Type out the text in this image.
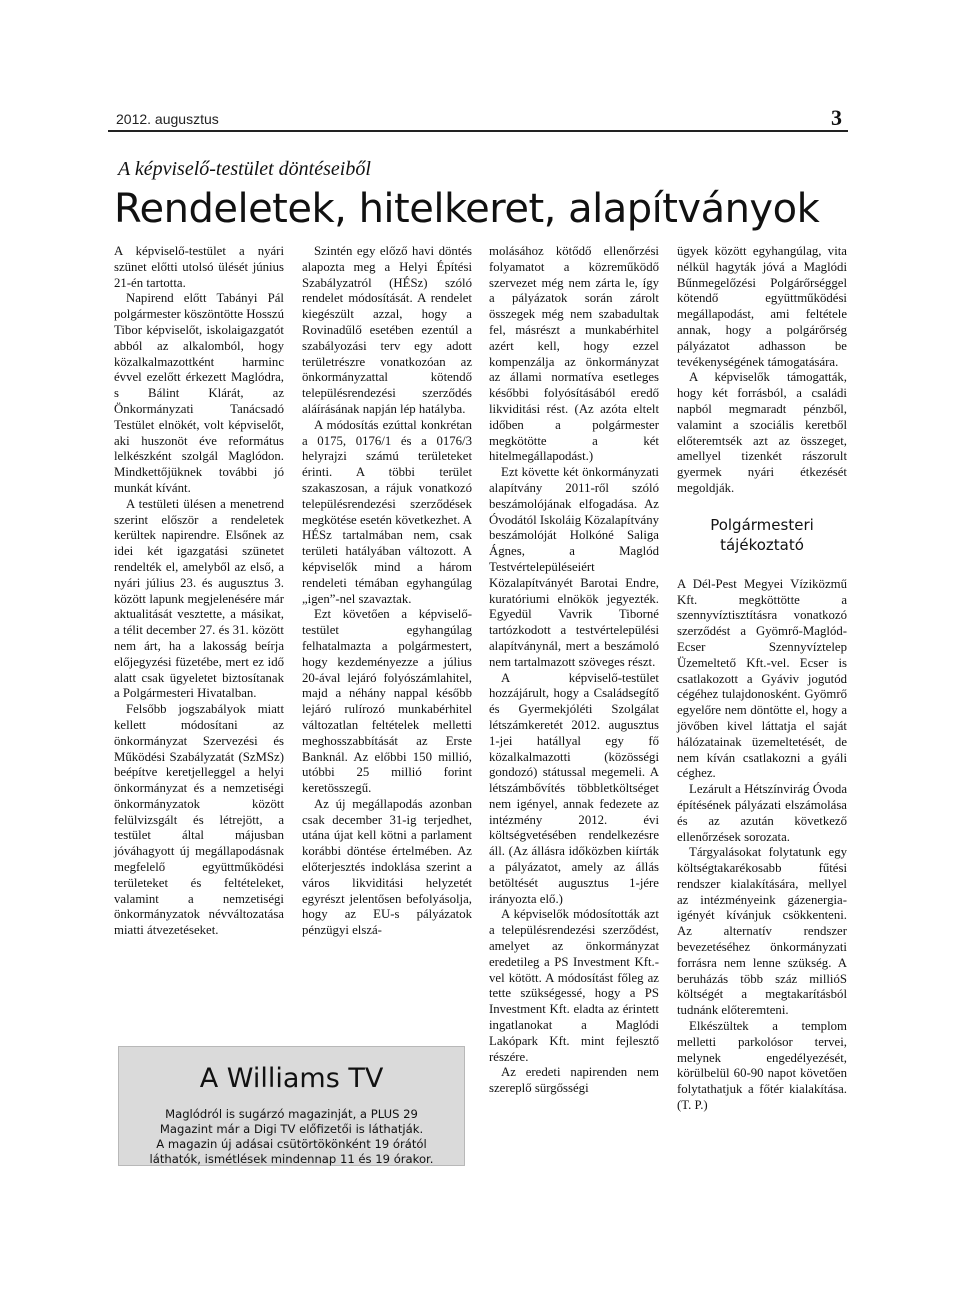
2012. augusztus	3
A képviselő-testület döntéseiből
Rendeletek, hitelkeret, alapítványok

A képviselő-testület a nyári szünet előtti utolsó ülését június 21-én tartotta.

Napirend előtt Tabányi Pál polgármester köszöntötte Hosszú Tibor képviselőt, iskolaigazgatót abból az alkalomból, hogy közalkalmazottként harminc évvel ezelőtt érkezett Maglódra, s Bálint Klárát, az Önkormányzati Tanácsadó Testület elnökét, volt képviselőt, aki huszonöt éve református lelkészként szolgál Maglódon. Mindkettőjüknek további jó munkát kívánt.

A testületi ülésen a menetrend szerint először a rendeletek kerültek napirendre. Elsőnek az idei két igazgatási szünetet rendelték el, amelyből az első, a nyári július 23. és augusztus 3. között lapunk megjelenésére már aktualitását vesztette, a másikat, a télit december 27. és 31. között nem árt, ha a lakosság beírja előjegyzési füzetébe, mert ez idő alatt csak ügyeletet biztosítanak a Polgármesteri Hivatalban.

Felsőbb jogszabályok miatt kellett módosítani az önkormányzat Szervezési és Működési Szabályzatát (SzMSz) beépítve keretjelleggel a helyi önkormányzat és a nemzetiségi önkormányzatok között felülvizsgált és létrejött, a testület által májusban jóváhagyott új megállapodásnak megfelelő együttműködési területeket és feltételeket, valamint a nemzetiségi önkormányzatok névváltozatása miatti átvezetéseket.

Szintén egy előző havi döntés alapozta meg a Helyi Építési Szabályzatról (HÉSz) szóló rendelet módosítását. A rendelet kiegészült azzal, hogy a Rovinadűlő esetében ezentúl a szabályozási terv egy adott területrészre vonatkozóan az önkormányzattal kötendő településrendezési szerződés aláírásának napján lép hatályba.

A módosítás ezúttal konkrétan a 0175, 0176/1 és a 0176/3 helyrajzi számú területeket érinti. A többi terület szakaszosan, a rájuk vonatkozó településrendezési szerződések megkötése esetén következhet. A HÉSz tartalmában nem, csak területi hatályában változott. A képviselők mind a három rendeleti témában egyhangúlag „igen”-nel szavaztak.

Ezt követően a képviselő-testület egyhangúlag felhatalmazta a polgármestert, hogy kezdeményezze a július 20-ával lejáró folyószámlahitel, majd a néhány nappal később lejáró rulírozó munkabérhitel változatlan feltételek melletti meghosszabbítását az Erste Banknál. Az előbbi 150 millió, utóbbi 25 millió forint keretösszegű.

Az új megállapodás azonban csak december 31-ig terjedhet, utána újat kell kötni a parlament korábbi döntése értelmében. Az előterjesztés indoklása szerint a város likviditási helyzetét egyrészt jelentősen befolyásolja, hogy az EU-s pályázatok pénzügyi elszá-

molásához kötődő ellenőrzési folyamatot a közreműködő szervezet még nem zárta le, így a pályázatok során zárolt összegek még nem szabadultak fel, másrészt a munkabérhitel azért kell, hogy ezzel kompenzálja az önkormányzat az állami normatíva esetleges későbbi folyósításából eredő likviditási rést. (Az azóta eltelt időben a polgármester megkötötte a két hitelmegállapodást.)

Ezt követte két önkormányzati alapítvány 2011-ről szóló beszámolójának elfogadása. Az Óvodától Iskoláig Közalapítvány beszámolóját Holkóné Saliga Ágnes, a Maglód Testvértelepüléseiért Közalapítványét Barotai Endre, kuratóriumi elnökök jegyezték. Egyedül Vavrik Tiborné tartózkodott a testvértelepülési alapítványnál, mert a beszámoló nem tartalmazott szöveges részt.

A képviselő-testület hozzájárult, hogy a Családsegítő és Gyermekjóléti Szolgálat létszámkeretét 2012. augusztus 1-jei hatállyal egy fő közalkalmazotti (közösségi gondozó) státussal megemeli. A létszámbővítés többletköltséget nem igényel, annak fedezete az intézmény 2012. évi költségvetésében rendelkezésre áll. (Az állásra időközben kiírták a pályázatot, amely az állás betöltését augusztus 1-jére irányozta elő.)

A képviselők módosították azt a településrendezési szerződést, amelyet az önkormányzat eredetileg a PS Investment Kft.-vel kötött. A módosítást főleg az tette szükségessé, hogy a PS Investment Kft. eladta az érintett ingatlanokat a Maglódi Lakópark Kft. mint fejlesztő részére.

Az eredeti napirenden nem szereplő sürgősségi

ügyek között egyhangúlag, vita nélkül hagyták jóvá a Maglódi Bűnmegelőzési Polgárőrséggel kötendő együttműködési megállapodást, ami feltétele annak, hogy a polgárőrség pályázatot adhasson be tevékenységének támogatására.

A képviselők támogatták, hogy két forrásból, a családi napból megmaradt pénzből, valamint a szociális keretből előteremtsék azt az összeget, amellyel tizenkét rászorult gyermek nyári étkezését megoldják.

Polgármesteri
tájékoztató

A Dél-Pest Megyei Víziközmű Kft. megköttötte a szennyvíztisztításra vonatkozó szerződést a Gyömrő-Maglód-Ecser Szennyvíztelep Üzemeltető Kft.-vel. Ecser is csatlakozott a Gyáviv jogutód cégéhez tulajdonosként. Gyömrő egyelőre nem döntötte el, hogy a jövőben kivel láttatja el saját hálózatainak üzemeltetését, de nem kíván csatlakozni a gyáli céghez.

Lezárult a Hétszínvirág Óvoda építésének pályázati elszámolása és az azután következő ellenőrzések sorozata.

Tárgyalásokat folytatunk egy költségtakarékosabb fűtési rendszer kialakítására, mellyel az intézményeink gázenergia-igényét kívánjuk csökkenteni. Az alternatív rendszer bevezetéséhez önkormányzati forrásra nem lenne szükség. A beruházás több száz millióS költségét a megtakarításból tudnánk előteremteni.

Elkészültek a templom melletti parkolósor tervei, melynek engedélyezését, körülbelül 60-90 napot követően folytathatjuk a főtér kialakítása. (T. P.)

A Williams TV
Maglódról is sugárzó magazinját, a PLUS 29
Magazint már a Digi TV előfizetői is láthatják.
A magazin új adásai csütörtökönként 19 órától
láthatók, ismétlések mindennap 11 és 19 órakor.
